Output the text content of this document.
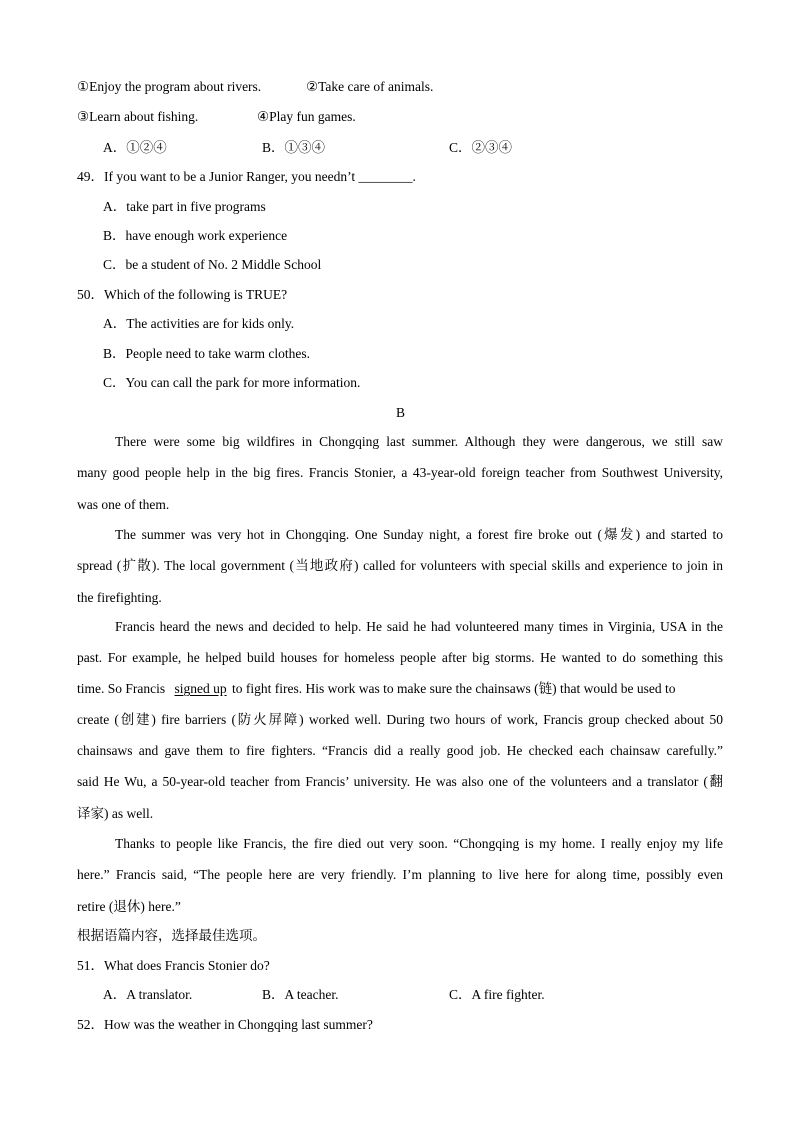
①Enjoy the program about rivers.	②Take care of animals.
③Learn about fishing.	④Play fun games.
A．①②④	B．①③④	C．②③④
49．If you want to be a Junior Ranger, you needn’t ________.
A．take part in five programs
B．have enough work experience
C．be a student of No. 2 Middle School
50．Which of the following is TRUE?
A．The activities are for kids only.
B．People need to take warm clothes.
C．You can call the park for more information.
B
There were some big wildfires in Chongqing last summer. Although they were dangerous, we still saw
many good people help in the big fires. Francis Stonier, a 43-year-old foreign teacher from Southwest University,
was one of them.
The summer was very hot in Chongqing. One Sunday night, a forest fire broke out (爆发) and started to
spread (扩散). The local government (当地政府) called for volunteers with special skills and experience to join in
the firefighting.
Francis heard the news and decided to help. He said he had volunteered many times in Virginia, USA in the
past. For example, he helped build houses for homeless people after big storms. He wanted to do something this
time. So Francis signed up to fight fires. His work was to make sure the chainsaws (链) that would be used to
create (创建) fire barriers (防火屏障) worked well. During two hours of work, Francis group checked about 50
chainsaws and gave them to fire fighters. “Francis did a really good job. He checked each chainsaw carefully.”
said He Wu, a 50-year-old teacher from Francis’ university. He was also one of the volunteers and a translator (翻
译家) as well.
Thanks to people like Francis, the fire died out very soon. “Chongqing is my home. I really enjoy my life
here.” Francis said, “The people here are very friendly. I’m planning to live here for along time, possibly even
retire (退休) here.”
根据语篇内容，选择最佳选项。
51．What does Francis Stonier do?
A．A translator.	B．A teacher.	C．A fire fighter.
52．How was the weather in Chongqing last summer?
